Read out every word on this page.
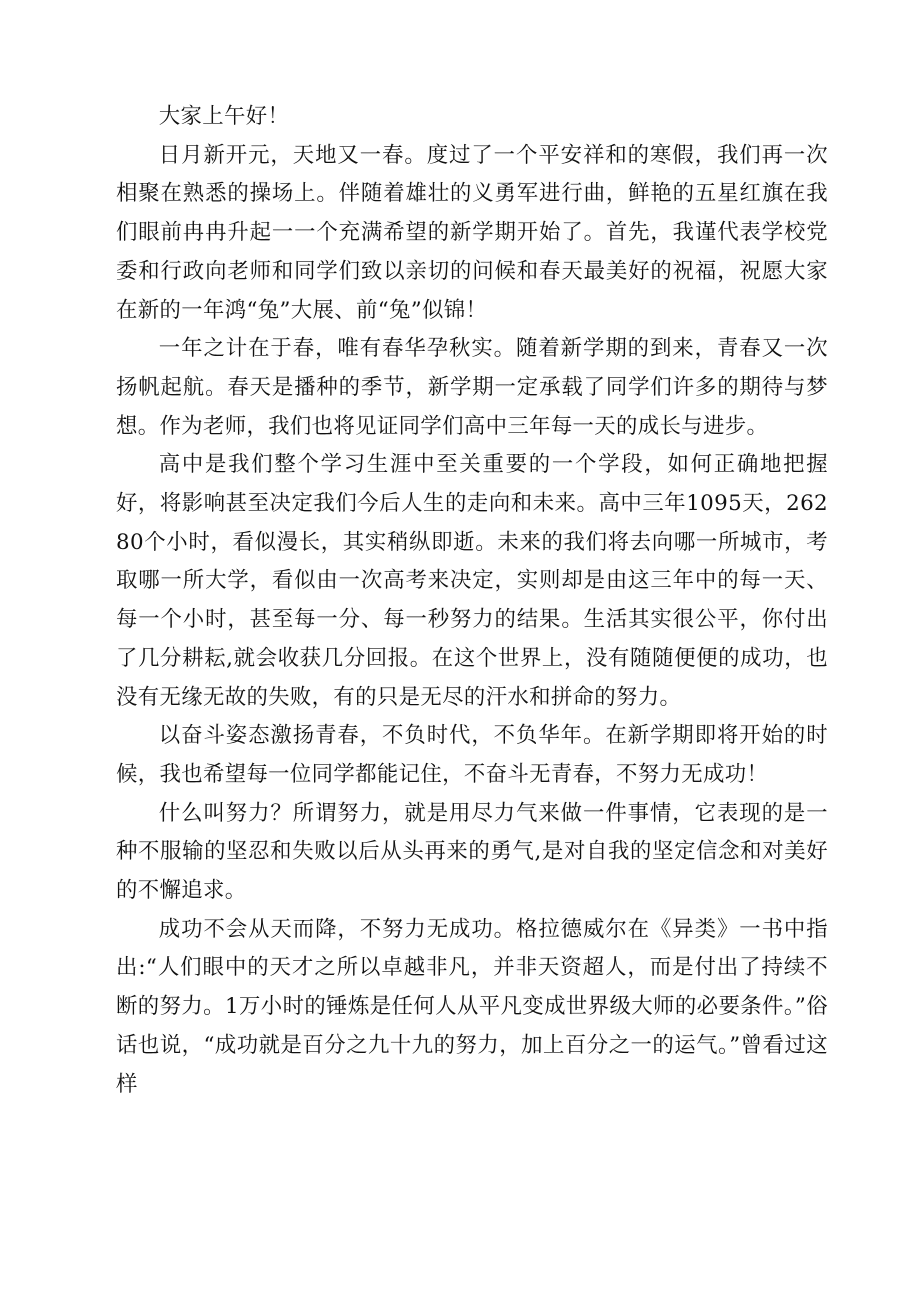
大家上午好！

日月新开元，天地又一春。度过了一个平安祥和的寒假，我们再一次相聚在熟悉的操场上。伴随着雄壮的义勇军进行曲，鲜艳的五星红旗在我们眼前冉冉升起一一个充满希望的新学期开始了。首先，我谨代表学校党委和行政向老师和同学们致以亲切的问候和春天最美好的祝福，祝愿大家在新的一年鸿“兔”大展、前“兔”似锦！

一年之计在于春，唯有春华孕秋实。随着新学期的到来，青春又一次扬帆起航。春天是播种的季节，新学期一定承载了同学们许多的期待与梦想。作为老师，我们也将见证同学们高中三年每一天的成长与进步。

高中是我们整个学习生涯中至关重要的一个学段，如何正确地把握好，将影响甚至决定我们今后人生的走向和未来。高中三年1095天，26280个小时，看似漫长，其实稍纵即逝。未来的我们将去向哪一所城市，考取哪一所大学，看似由一次高考来决定，实则却是由这三年中的每一天、每一个小时，甚至每一分、每一秒努力的结果。生活其实很公平，你付出了几分耕耘,就会收获几分回报。在这个世界上，没有随随便便的成功，也没有无缘无故的失败，有的只是无尽的汗水和拼命的努力。

以奋斗姿态激扬青春，不负时代，不负华年。在新学期即将开始的时候，我也希望每一位同学都能记住，不奋斗无青春，不努力无成功！

什么叫努力？所谓努力，就是用尽力气来做一件事情，它表现的是一种不服输的坚忍和失败以后从头再来的勇气,是对自我的坚定信念和对美好的不懈追求。

成功不会从天而降，不努力无成功。格拉德威尔在《异类》一书中指出:“人们眼中的天才之所以卓越非凡，并非天资超人，而是付出了持续不断的努力。1万小时的锤炼是任何人从平凡变成世界级大师的必要条件。”俗话也说，“成功就是百分之九十九的努力，加上百分之一的运气。”曾看过这样
